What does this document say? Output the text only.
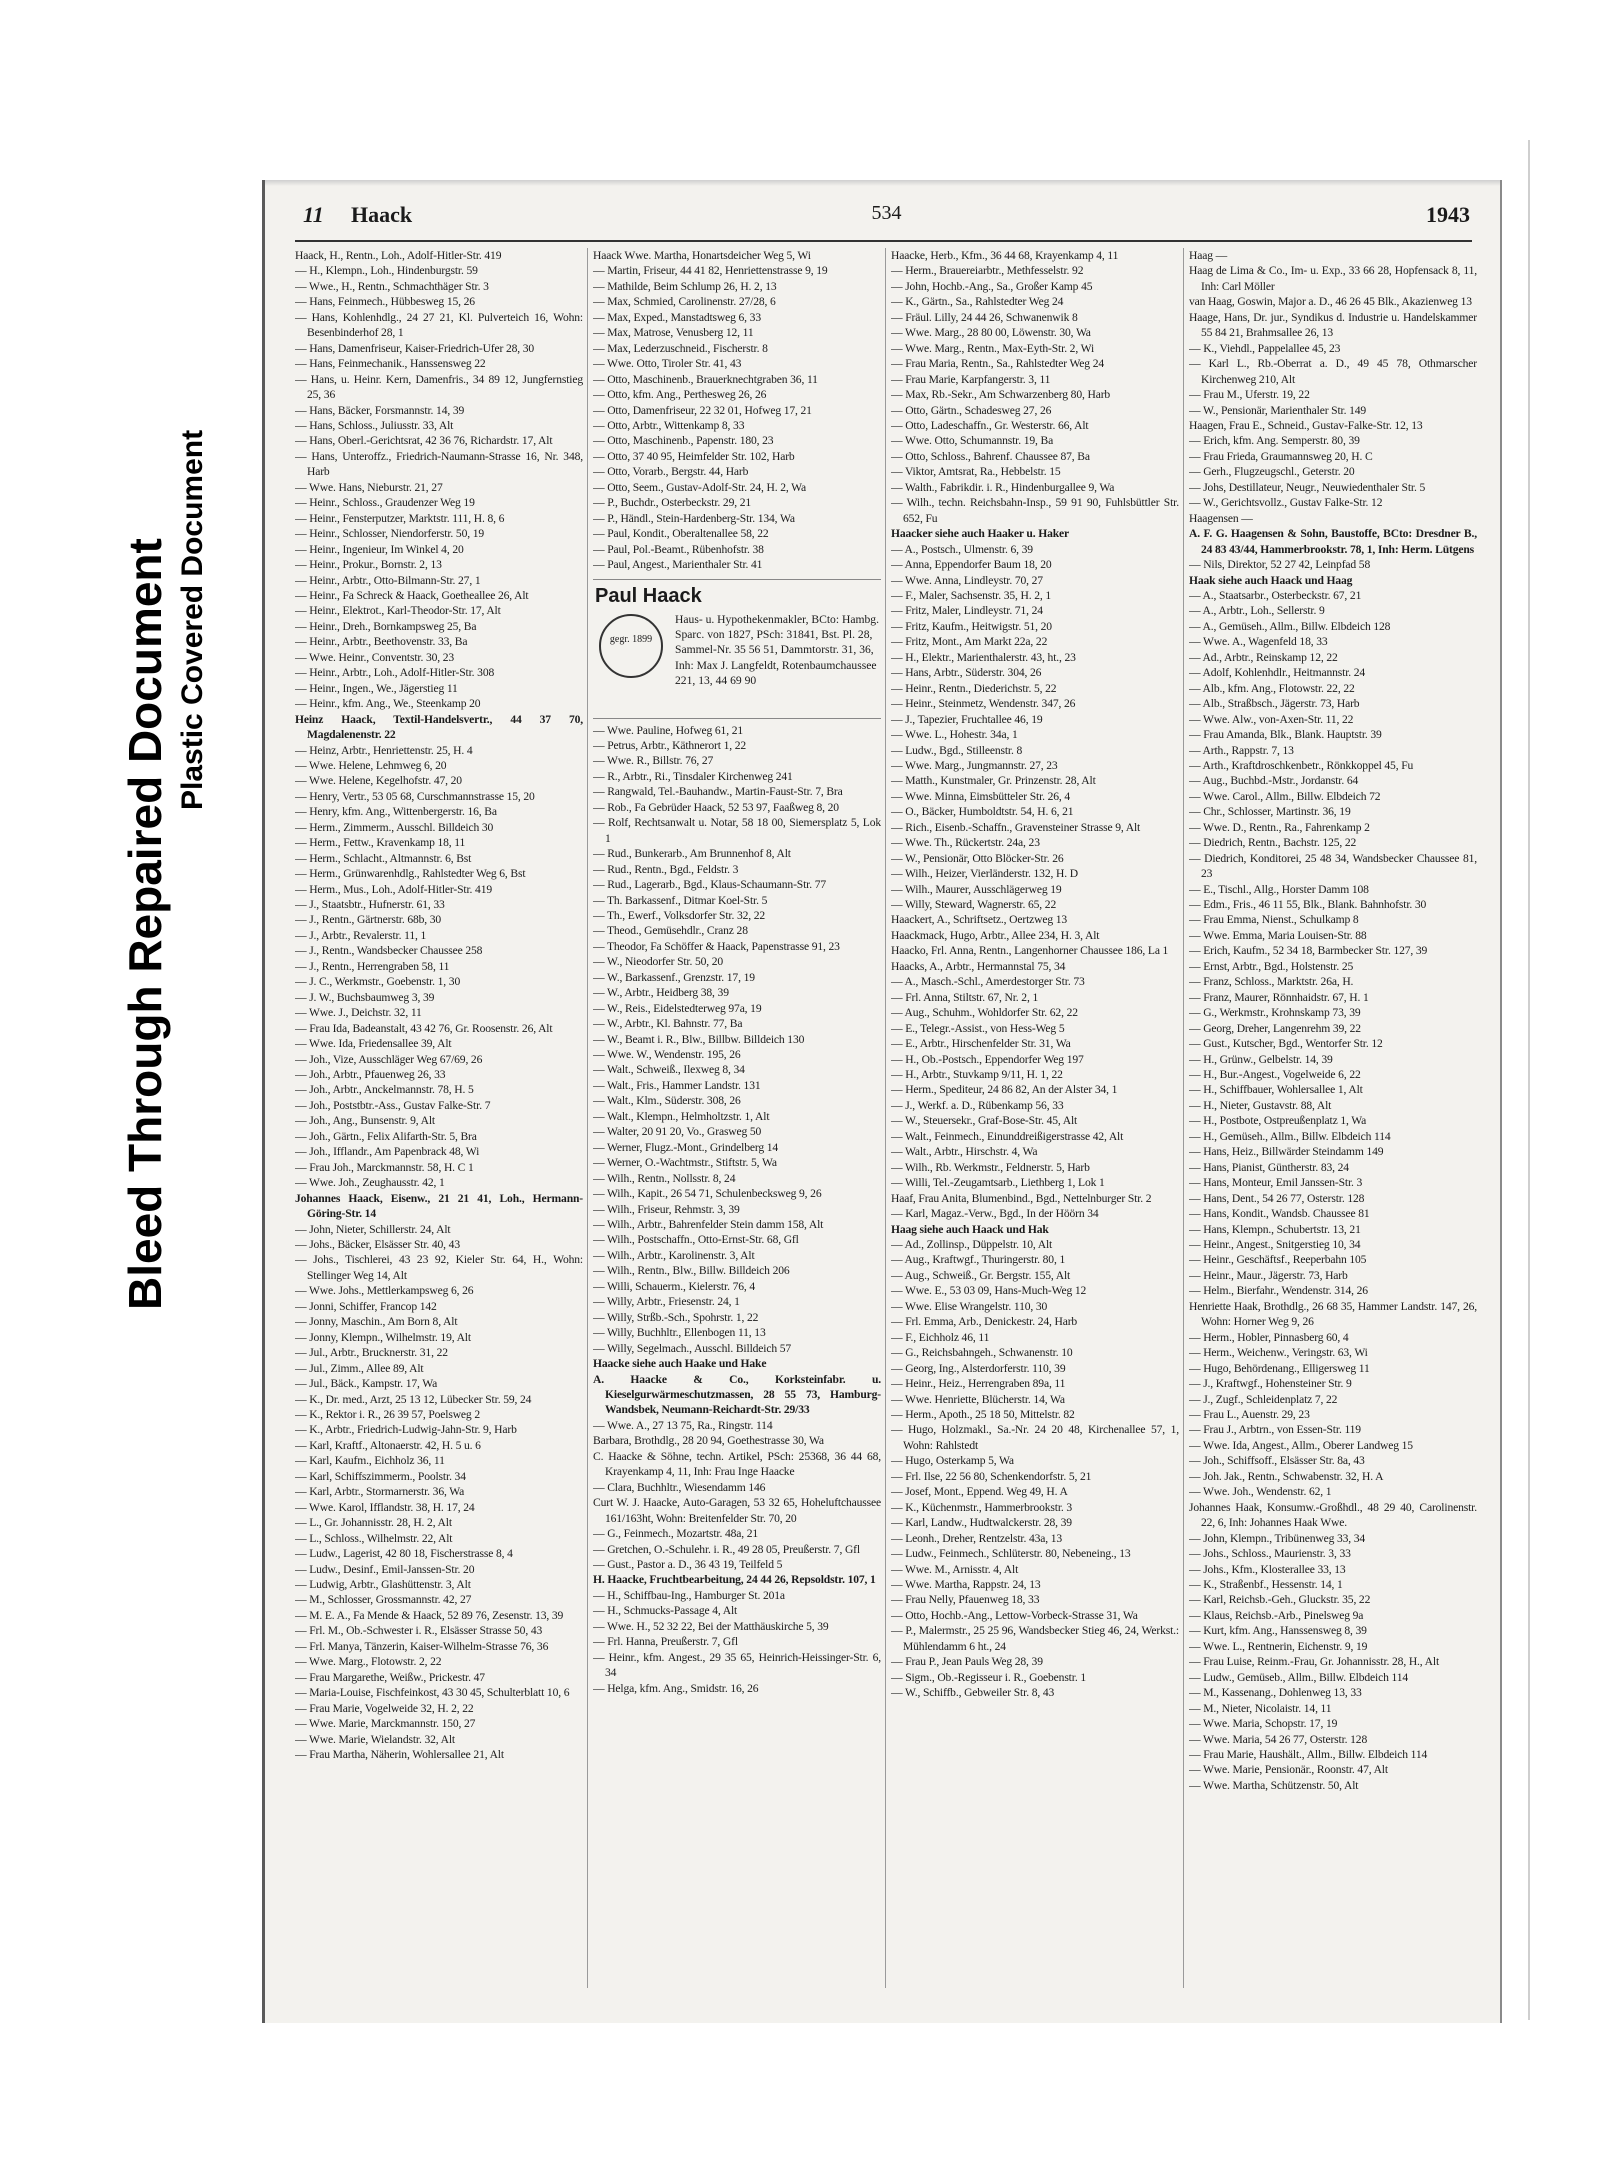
Bleed Through Repaired Document Plastic Covered Document
11 Haack	534	1943

Haack, H., Rentn., Loh., Adolf-Hitler-Str. 419

— H., Klempn., Loh., Hindenburgstr. 59

— Wwe., H., Rentn., Schmachthäger Str. 3

— Hans, Feinmech., Hübbesweg 15, 26

— Hans, Kohlenhdlg., 24 27 21, Kl. Pulverteich 16, Wohn: Besenbinderhof 28, 1

— Hans, Damenfriseur, Kaiser-Friedrich-Ufer 28, 30

— Hans, Feinmechanik., Hanssensweg 22

— Hans, u. Heinr. Kern, Damenfris., 34 89 12, Jungfernstieg 25, 36

— Hans, Bäcker, Forsmannstr. 14, 39

— Hans, Schloss., Juliusstr. 33, Alt

— Hans, Oberl.-Gerichtsrat, 42 36 76, Richardstr. 17, Alt

— Hans, Unteroffz., Friedrich-Naumann-Strasse 16, Nr. 348, Harb

— Wwe. Hans, Nieburstr. 21, 27

— Heinr., Schloss., Graudenzer Weg 19

— Heinr., Fensterputzer, Marktstr. 111, H. 8, 6

— Heinr., Schlosser, Niendorferstr. 50, 19

— Heinr., Ingenieur, Im Winkel 4, 20

— Heinr., Prokur., Bornstr. 2, 13

— Heinr., Arbtr., Otto-Bilmann-Str. 27, 1

— Heinr., Fa Schreck & Haack, Goetheallee 26, Alt

— Heinr., Elektrot., Karl-Theodor-Str. 17, Alt

— Heinr., Dreh., Bornkampsweg 25, Ba

— Heinr., Arbtr., Beethovenstr. 33, Ba

— Wwe. Heinr., Conventstr. 30, 23

— Heinr., Arbtr., Loh., Adolf-Hitler-Str. 308

— Heinr., Ingen., We., Jägerstieg 11

— Heinr., kfm. Ang., We., Steenkamp 20

Heinz Haack, Textil-Handelsvertr., 44 37 70, Magdalenenstr. 22

— Heinz, Arbtr., Henriettenstr. 25, H. 4

— Wwe. Helene, Lehmweg 6, 20

— Wwe. Helene, Kegelhofstr. 47, 20

— Henry, Vertr., 53 05 68, Curschmannstrasse 15, 20

— Henry, kfm. Ang., Wittenbergerstr. 16, Ba

— Herm., Zimmerm., Ausschl. Billdeich 30

— Herm., Fettw., Kravenkamp 18, 11

— Herm., Schlacht., Altmannstr. 6, Bst

— Herm., Grünwarenhdlg., Rahlstedter Weg 6, Bst

— Herm., Mus., Loh., Adolf-Hitler-Str. 419

— J., Staatsbtr., Hufnerstr. 61, 33

— J., Rentn., Gärtnerstr. 68b, 30

— J., Arbtr., Revalerstr. 11, 1

— J., Rentn., Wandsbecker Chaussee 258

— J., Rentn., Herrengraben 58, 11

— J. C., Werkmstr., Goebenstr. 1, 30

— J. W., Buchsbaumweg 3, 39

— Wwe. J., Deichstr. 32, 11

— Frau Ida, Badeanstalt, 43 42 76, Gr. Roosenstr. 26, Alt

— Wwe. Ida, Friedensallee 39, Alt

— Joh., Vize, Ausschläger Weg 67/69, 26

— Joh., Arbtr., Pfauenweg 26, 33

— Joh., Arbtr., Anckelmannstr. 78, H. 5

— Joh., Poststbtr.-Ass., Gustav Falke-Str. 7

— Joh., Ang., Bunsenstr. 9, Alt

— Joh., Gärtn., Felix Alifarth-Str. 5, Bra

— Joh., Ifflandr., Am Papenbrack 48, Wi

— Frau Joh., Marckmannstr. 58, H. C 1

— Wwe. Joh., Zeughausstr. 42, 1

Johannes Haack, Eisenw., 21 21 41, Loh., Hermann-Göring-Str. 14

— John, Nieter, Schillerstr. 24, Alt

— Johs., Bäcker, Elsässer Str. 40, 43

— Johs., Tischlerei, 43 23 92, Kieler Str. 64, H., Wohn: Stellinger Weg 14, Alt

— Wwe. Johs., Mettlerkampsweg 6, 26

— Jonni, Schiffer, Francop 142

— Jonny, Maschin., Am Born 8, Alt

— Jonny, Klempn., Wilhelmstr. 19, Alt

— Jul., Arbtr., Brucknerstr. 31, 22

— Jul., Zimm., Allee 89, Alt

— Jul., Bäck., Kampstr. 17, Wa

— K., Dr. med., Arzt, 25 13 12, Lübecker Str. 59, 24

— K., Rektor i. R., 26 39 57, Poelsweg 2

— K., Arbtr., Friedrich-Ludwig-Jahn-Str. 9, Harb

— Karl, Kraftf., Altonaerstr. 42, H. 5 u. 6

— Karl, Kaufm., Eichholz 36, 11

— Karl, Schiffszimmerm., Poolstr. 34

— Karl, Arbtr., Stormarnerstr. 36, Wa

— Wwe. Karol, Ifflandstr. 38, H. 17, 24

— L., Gr. Johannisstr. 28, H. 2, Alt

— L., Schloss., Wilhelmstr. 22, Alt

— Ludw., Lagerist, 42 80 18, Fischerstrasse 8, 4

— Ludw., Desinf., Emil-Janssen-Str. 20

— Ludwig, Arbtr., Glashüttenstr. 3, Alt

— M., Schlosser, Grossmannstr. 42, 27

— M. E. A., Fa Mende & Haack, 52 89 76, Zesenstr. 13, 39

— Frl. M., Ob.-Schwester i. R., Elsässer Strasse 50, 43

— Frl. Manya, Tänzerin, Kaiser-Wilhelm-Strasse 76, 36

— Wwe. Marg., Flotowstr. 2, 22

— Frau Margarethe, Weißw., Prickestr. 47

— Maria-Louise, Fischfeinkost, 43 30 45, Schulterblatt 10, 6

— Frau Marie, Vogelweide 32, H. 2, 22

— Wwe. Marie, Marckmannstr. 150, 27

— Wwe. Marie, Wielandstr. 32, Alt

— Frau Martha, Näherin, Wohlersallee 21, Alt

Haack Wwe. Martha, Honartsdeicher Weg 5, Wi

— Martin, Friseur, 44 41 82, Henriettenstrasse 9, 19

— Mathilde, Beim Schlump 26, H. 2, 13

— Max, Schmied, Carolinenstr. 27/28, 6

— Max, Exped., Manstadtsweg 6, 33

— Max, Matrose, Venusberg 12, 11

— Max, Lederzuschneid., Fischerstr. 8

— Wwe. Otto, Tiroler Str. 41, 43

— Otto, Maschinenb., Brauerknechtgraben 36, 11

— Otto, kfm. Ang., Perthesweg 26, 26

— Otto, Damenfriseur, 22 32 01, Hofweg 17, 21

— Otto, Arbtr., Wittenkamp 8, 33

— Otto, Maschinenb., Papenstr. 180, 23

— Otto, 37 40 95, Heimfelder Str. 102, Harb

— Otto, Vorarb., Bergstr. 44, Harb

— Otto, Seem., Gustav-Adolf-Str. 24, H. 2, Wa

— P., Buchdr., Osterbeckstr. 29, 21

— P., Händl., Stein-Hardenberg-Str. 134, Wa

— Paul, Kondit., Oberaltenallee 58, 22

— Paul, Pol.-Beamt., Rübenhofstr. 38

— Paul, Angest., Marienthaler Str. 41

Paul Haack
gegr. 1899
Haus- u. Hypothekenmakler, BCto: Hambg. Sparc. von 1827, PSch: 31841, Bst. Pl. 28, Sammel-Nr. 35 56 51, Dammtorstr. 31, 36,
Inh: Max J. Langfeldt, Rotenbaumchaussee 221, 13, 44 69 90

— Wwe. Pauline, Hofweg 61, 21

— Petrus, Arbtr., Käthnerort 1, 22

— Wwe. R., Billstr. 76, 27

— R., Arbtr., Ri., Tinsdaler Kirchenweg 241

— Rangwald, Tel.-Bauhandw., Martin-Faust-Str. 7, Bra

— Rob., Fa Gebrüder Haack, 52 53 97, Faaßweg 8, 20

— Rolf, Rechtsanwalt u. Notar, 58 18 00, Siemersplatz 5, Lok 1

— Rud., Bunkerarb., Am Brunnenhof 8, Alt

— Rud., Rentn., Bgd., Feldstr. 3

— Rud., Lagerarb., Bgd., Klaus-Schaumann-Str. 77

— Th. Barkassenf., Ditmar Koel-Str. 5

— Th., Ewerf., Volksdorfer Str. 32, 22

— Theod., Gemüsehdlr., Cranz 28

— Theodor, Fa Schöffer & Haack, Papenstrasse 91, 23

— W., Nieodorfer Str. 50, 20

— W., Barkassenf., Grenzstr. 17, 19

— W., Arbtr., Heidberg 38, 39

— W., Reis., Eidelstedterweg 97a, 19

— W., Arbtr., Kl. Bahnstr. 77, Ba

— W., Beamt i. R., Blw., Billbw. Billdeich 130

— Wwe. W., Wendenstr. 195, 26

— Walt., Schweiß., Ilexweg 8, 34

— Walt., Fris., Hammer Landstr. 131

— Walt., Klm., Süderstr. 308, 26

— Walt., Klempn., Helmholtzstr. 1, Alt

— Walter, 20 91 20, Vo., Grasweg 50

— Werner, Flugz.-Mont., Grindelberg 14

— Werner, O.-Wachtmstr., Stiftstr. 5, Wa

— Wilh., Rentn., Nollsstr. 8, 24

— Wilh., Kapit., 26 54 71, Schulenbecksweg 9, 26

— Wilh., Friseur, Rehmstr. 3, 39

— Wilh., Arbtr., Bahrenfelder Stein damm 158, Alt

— Wilh., Postschaffn., Otto-Ernst-Str. 68, Gfl

— Wilh., Arbtr., Karolinenstr. 3, Alt

— Wilh., Rentn., Blw., Billw. Billdeich 206

— Willi, Schauerm., Kielerstr. 76, 4

— Willy, Arbtr., Friesenstr. 24, 1

— Willy, Strßb.-Sch., Spohrstr. 1, 22

— Willy, Buchhltr., Ellenbogen 11, 13

— Willy, Segelmach., Ausschl. Billdeich 57

Haacke siehe auch Haake und Hake

A. Haacke & Co., Korksteinfabr. u. Kieselgurwärmeschutzmassen, 28 55 73, Hamburg-Wandsbek, Neumann-Reichardt-Str. 29/33

— Wwe. A., 27 13 75, Ra., Ringstr. 114

Barbara, Brothdlg., 28 20 94, Goethestrasse 30, Wa

C. Haacke & Söhne, techn. Artikel, PSch: 25368, 36 44 68, Krayenkamp 4, 11, Inh: Frau Inge Haacke

— Clara, Buchhltr., Wiesendamm 146

Curt W. J. Haacke, Auto-Garagen, 53 32 65, Hoheluftchaussee 161/163ht, Wohn: Breitenfelder Str. 70, 20

— G., Feinmech., Mozartstr. 48a, 21

— Gretchen, O.-Schulehr. i. R., 49 28 05, Preußerstr. 7, Gfl

— Gust., Pastor a. D., 36 43 19, Teilfeld 5

H. Haacke, Fruchtbearbeitung, 24 44 26, Repsoldstr. 107, 1

— H., Schiffbau-Ing., Hamburger St. 201a

— H., Schmucks-Passage 4, Alt

— Wwe. H., 52 32 22, Bei der Matthäuskirche 5, 39

— Frl. Hanna, Preußerstr. 7, Gfl

— Heinr., kfm. Angest., 29 35 65, Heinrich-Heissinger-Str. 6, 34

— Helga, kfm. Ang., Smidstr. 16, 26

Haacke, Herb., Kfm., 36 44 68, Krayenkamp 4, 11

— Herm., Brauereiarbtr., Methfesselstr. 92

— John, Hochb.-Ang., Sa., Großer Kamp 45

— K., Gärtn., Sa., Rahlstedter Weg 24

— Fräul. Lilly, 24 44 26, Schwanenwik 8

— Wwe. Marg., 28 80 00, Löwenstr. 30, Wa

— Wwe. Marg., Rentn., Max-Eyth-Str. 2, Wi

— Frau Maria, Rentn., Sa., Rahlstedter Weg 24

— Frau Marie, Karpfangerstr. 3, 11

— Max, Rb.-Sekr., Am Schwarzenberg 80, Harb

— Otto, Gärtn., Schadesweg 27, 26

— Otto, Ladeschaffn., Gr. Westerstr. 66, Alt

— Wwe. Otto, Schumannstr. 19, Ba

— Otto, Schloss., Bahrenf. Chaussee 87, Ba

— Viktor, Amtsrat, Ra., Hebbelstr. 15

— Walth., Fabrikdir. i. R., Hindenburgallee 9, Wa

— Wilh., techn. Reichsbahn-Insp., 59 91 90, Fuhlsbüttler Str. 652, Fu

Haacker siehe auch Haaker u. Haker

— A., Postsch., Ulmenstr. 6, 39

— Anna, Eppendorfer Baum 18, 20

— Wwe. Anna, Lindleystr. 70, 27

— F., Maler, Sachsenstr. 35, H. 2, 1

— Fritz, Maler, Lindleystr. 71, 24

— Fritz, Kaufm., Heitwigstr. 51, 20

— Fritz, Mont., Am Markt 22a, 22

— H., Elektr., Marienthalerstr. 43, ht., 23

— Hans, Arbtr., Süderstr. 304, 26

— Heinr., Rentn., Diederichstr. 5, 22

— Heinr., Steinmetz, Wendenstr. 347, 26

— J., Tapezier, Fruchtallee 46, 19

— Wwe. L., Hohestr. 34a, 1

— Ludw., Bgd., Stilleenstr. 8

— Wwe. Marg., Jungmannstr. 27, 23

— Matth., Kunstmaler, Gr. Prinzenstr. 28, Alt

— Wwe. Minna, Eimsbütteler Str. 26, 4

— O., Bäcker, Humboldtstr. 54, H. 6, 21

— Rich., Eisenb.-Schaffn., Gravensteiner Strasse 9, Alt

— Wwe. Th., Rückertstr. 24a, 23

— W., Pensionär, Otto Blöcker-Str. 26

— Wilh., Heizer, Vierländerstr. 132, H. D

— Wilh., Maurer, Ausschlägerweg 19

— Willy, Steward, Wagnerstr. 65, 22

Haackert, A., Schriftsetz., Oertzweg 13

Haackmack, Hugo, Arbtr., Allee 234, H. 3, Alt

Haacko, Frl. Anna, Rentn., Langenhorner Chaussee 186, La 1

Haacks, A., Arbtr., Hermannstal 75, 34

— A., Masch.-Schl., Amerdestorger Str. 73

— Frl. Anna, Stiltstr. 67, Nr. 2, 1

— Aug., Schuhm., Wohldorfer Str. 62, 22

— E., Telegr.-Assist., von Hess-Weg 5

— E., Arbtr., Hirschenfelder Str. 31, Wa

— H., Ob.-Postsch., Eppendorfer Weg 197

— H., Arbtr., Stuvkamp 9/11, H. 1, 22

— Herm., Spediteur, 24 86 82, An der Alster 34, 1

— J., Werkf. a. D., Rübenkamp 56, 33

— W., Steuersekr., Graf-Bose-Str. 45, Alt

— Walt., Feinmech., Einunddreißigerstrasse 42, Alt

— Walt., Arbtr., Hirschstr. 4, Wa

— Wilh., Rb. Werkmstr., Feldnerstr. 5, Harb

— Willi, Tel.-Zeugamtsarb., Liethberg 1, Lok 1

Haaf, Frau Anita, Blumenbind., Bgd., Nettelnburger Str. 2

— Karl, Magaz.-Verw., Bgd., In der Höörn 34

Haag siehe auch Haack und Hak

— Ad., Zollinsp., Düppelstr. 10, Alt

— Aug., Kraftwgf., Thuringerstr. 80, 1

— Aug., Schweiß., Gr. Bergstr. 155, Alt

— Wwe. E., 53 03 09, Hans-Much-Weg 12

— Wwe. Elise Wrangelstr. 110, 30

— Frl. Emma, Arb., Denickestr. 24, Harb

— F., Eichholz 46, 11

— G., Reichsbahngeh., Schwanenstr. 10

— Georg, Ing., Alsterdorferstr. 110, 39

— Heinr., Heiz., Herrengraben 89a, 11

— Wwe. Henriette, Blücherstr. 14, Wa

— Herm., Apoth., 25 18 50, Mittelstr. 82

— Hugo, Holzmakl., Sa.-Nr. 24 20 48, Kirchenallee 57, 1, Wohn: Rahlstedt

— Hugo, Osterkamp 5, Wa

— Frl. Ilse, 22 56 80, Schenkendorfstr. 5, 21

— Josef, Mont., Eppend. Weg 49, H. A

— K., Küchenmstr., Hammerbrookstr. 3

— Karl, Landw., Hudtwalckerstr. 28, 39

— Leonh., Dreher, Rentzelstr. 43a, 13

— Ludw., Feinmech., Schlüterstr. 80, Nebeneing., 13

— Wwe. M., Arnisstr. 4, Alt

— Wwe. Martha, Rappstr. 24, 13

— Frau Nelly, Pfauenweg 18, 33

— Otto, Hochb.-Ang., Lettow-Vorbeck-Strasse 31, Wa

— P., Malermstr., 25 25 96, Wandsbecker Stieg 46, 24, Werkst.: Mühlendamm 6 ht., 24

— Frau P., Jean Pauls Weg 28, 39

— Sigm., Ob.-Regisseur i. R., Goebenstr. 1

— W., Schiffb., Gebweiler Str. 8, 43

Haag —

Haag de Lima & Co., Im- u. Exp., 33 66 28, Hopfensack 8, 11, Inh: Carl Möller

van Haag, Goswin, Major a. D., 46 26 45 Blk., Akazienweg 13

Haage, Hans, Dr. jur., Syndikus d. Industrie u. Handelskammer 55 84 21, Brahmsallee 26, 13

— K., Viehdl., Pappelallee 45, 23

— Karl L., Rb.-Oberrat a. D., 49 45 78, Othmarscher Kirchenweg 210, Alt

— Frau M., Uferstr. 19, 22

— W., Pensionär, Marienthaler Str. 149

Haagen, Frau E., Schneid., Gustav-Falke-Str. 12, 13

— Erich, kfm. Ang. Semperstr. 80, 39

— Frau Frieda, Graumannsweg 20, H. C

— Gerh., Flugzeugschl., Geterstr. 20

— Johs, Destillateur, Neugr., Neuwiedenthaler Str. 5

— W., Gerichtsvollz., Gustav Falke-Str. 12

Haagensen —

A. F. G. Haagensen & Sohn, Baustoffe, BCto: Dresdner B., 24 83 43/44, Hammerbrookstr. 78, 1, Inh: Herm. Lütgens

— Nils, Direktor, 52 27 42, Leinpfad 58

Haak siehe auch Haack und Haag

— A., Staatsarbr., Osterbeckstr. 67, 21

— A., Arbtr., Loh., Sellerstr. 9

— A., Gemüseh., Allm., Billw. Elbdeich 128

— Wwe. A., Wagenfeld 18, 33

— Ad., Arbtr., Reinskamp 12, 22

— Adolf, Kohlenhdlr., Heitmannstr. 24

— Alb., kfm. Ang., Flotowstr. 22, 22

— Alb., Straßbsch., Jägerstr. 73, Harb

— Wwe. Alw., von-Axen-Str. 11, 22

— Frau Amanda, Blk., Blank. Hauptstr. 39

— Arth., Rappstr. 7, 13

— Arth., Kraftdroschkenbetr., Rönkkoppel 45, Fu

— Aug., Buchbd.-Mstr., Jordanstr. 64

— Wwe. Carol., Allm., Billw. Elbdeich 72

— Chr., Schlosser, Martinstr. 36, 19

— Wwe. D., Rentn., Ra., Fahrenkamp 2

— Diedrich, Rentn., Bachstr. 125, 22

— Diedrich, Konditorei, 25 48 34, Wandsbecker Chaussee 81, 23

— E., Tischl., Allg., Horster Damm 108

— Edm., Fris., 46 11 55, Blk., Blank. Bahnhofstr. 30

— Frau Emma, Nienst., Schulkamp 8

— Wwe. Emma, Maria Louisen-Str. 88

— Erich, Kaufm., 52 34 18, Barmbecker Str. 127, 39

— Ernst, Arbtr., Bgd., Holstenstr. 25

— Franz, Schloss., Marktstr. 26a, H.

— Franz, Maurer, Rönnhaidstr. 67, H. 1

— G., Werkmstr., Krohnskamp 73, 39

— Georg, Dreher, Langenrehm 39, 22

— Gust., Kutscher, Bgd., Wentorfer Str. 12

— H., Grünw., Gelbelstr. 14, 39

— H., Bur.-Angest., Vogelweide 6, 22

— H., Schiffbauer, Wohlersallee 1, Alt

— H., Nieter, Gustavstr. 88, Alt

— H., Postbote, Ostpreußenplatz 1, Wa

— H., Gemüseh., Allm., Billw. Elbdeich 114

— Hans, Heiz., Billwärder Steindamm 149

— Hans, Pianist, Güntherstr. 83, 24

— Hans, Monteur, Emil Janssen-Str. 3

— Hans, Dent., 54 26 77, Osterstr. 128

— Hans, Kondit., Wandsb. Chaussee 81

— Hans, Klempn., Schubertstr. 13, 21

— Heinr., Angest., Snitgerstieg 10, 34

— Heinr., Geschäftsf., Reeperbahn 105

— Heinr., Maur., Jägerstr. 73, Harb

— Helm., Bierfahr., Wendenstr. 314, 26

Henriette Haak, Brothdlg., 26 68 35, Hammer Landstr. 147, 26, Wohn: Horner Weg 9, 26

— Herm., Hobler, Pinnasberg 60, 4

— Herm., Weichenw., Veringstr. 63, Wi

— Hugo, Behördenang., Elligersweg 11

— J., Kraftwgf., Hohensteiner Str. 9

— J., Zugf., Schleidenplatz 7, 22

— Frau L., Auenstr. 29, 23

— Frau J., Arbtrn., von Essen-Str. 119

— Wwe. Ida, Angest., Allm., Oberer Landweg 15

— Joh., Schiffsoff., Elsässer Str. 8a, 43

— Joh. Jak., Rentn., Schwabenstr. 32, H. A

— Wwe. Joh., Wendenstr. 62, 1

Johannes Haak, Konsumw.-Großhdl., 48 29 40, Carolinenstr. 22, 6, Inh: Johannes Haak Wwe.

— John, Klempn., Tribünenweg 33, 34

— Johs., Schloss., Maurienstr. 3, 33

— Johs., Kfm., Klosterallee 33, 13

— K., Straßenbf., Hessenstr. 14, 1

— Karl, Reichsb.-Geh., Gluckstr. 35, 22

— Klaus, Reichsb.-Arb., Pinelsweg 9a

— Kurt, kfm. Ang., Hanssensweg 8, 39

— Wwe. L., Rentnerin, Eichenstr. 9, 19

— Frau Luise, Reinm.-Frau, Gr. Johannisstr. 28, H., Alt

— Ludw., Gemüseb., Allm., Billw. Elbdeich 114

— M., Kassenang., Dohlenweg 13, 33

— M., Nieter, Nicolaistr. 14, 11

— Wwe. Maria, Schopstr. 17, 19

— Wwe. Maria, 54 26 77, Osterstr. 128

— Frau Marie, Haushält., Allm., Billw. Elbdeich 114

— Wwe. Marie, Pensionär., Roonstr. 47, Alt

— Wwe. Martha, Schützenstr. 50, Alt
